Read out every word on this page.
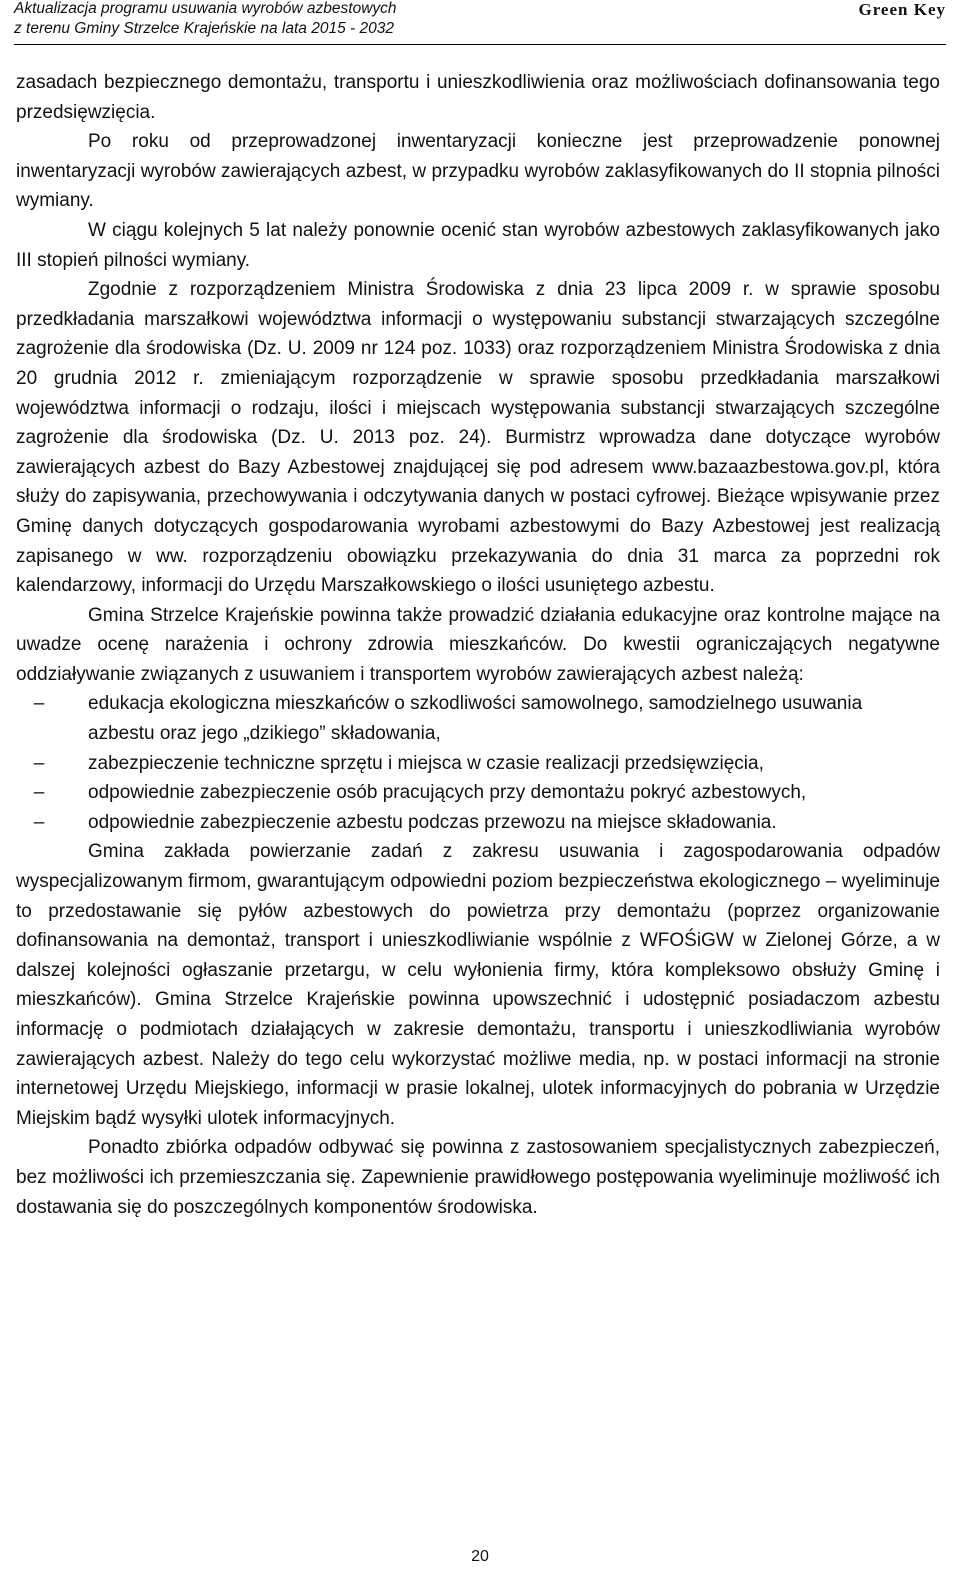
Aktualizacja programu usuwania wyrobów azbestowych
z terenu Gminy Strzelce Krajeńskie na lata 2015 - 2032
Green Key

zasadach bezpiecznego demontażu, transportu i unieszkodliwienia oraz możliwościach dofinansowania tego przedsięwzięcia.

Po roku od przeprowadzonej inwentaryzacji konieczne jest przeprowadzenie ponownej inwentaryzacji wyrobów zawierających azbest, w przypadku wyrobów zaklasyfikowanych do II stopnia pilności wymiany.

W ciągu kolejnych 5 lat należy ponownie ocenić stan wyrobów azbestowych zaklasyfikowanych jako III stopień pilności wymiany.

Zgodnie z rozporządzeniem Ministra Środowiska z dnia 23 lipca 2009 r. w sprawie sposobu przedkładania marszałkowi województwa informacji o występowaniu substancji stwarzających szczególne zagrożenie dla środowiska (Dz. U. 2009 nr 124 poz. 1033) oraz rozporządzeniem Ministra Środowiska z dnia 20 grudnia 2012 r. zmieniającym rozporządzenie w sprawie sposobu przedkładania marszałkowi województwa informacji o rodzaju, ilości i miejscach występowania substancji stwarzających szczególne zagrożenie dla środowiska (Dz. U. 2013 poz. 24). Burmistrz wprowadza dane dotyczące wyrobów zawierających azbest do Bazy Azbestowej znajdującej się pod adresem www.bazaazbestowa.gov.pl, która służy do zapisywania, przechowywania i odczytywania danych w postaci cyfrowej. Bieżące wpisywanie przez Gminę danych dotyczących gospodarowania wyrobami azbestowymi do Bazy Azbestowej jest realizacją zapisanego w ww. rozporządzeniu obowiązku przekazywania do dnia 31 marca za poprzedni rok kalendarzowy, informacji do Urzędu Marszałkowskiego o ilości usuniętego azbestu.

Gmina Strzelce Krajeńskie powinna także prowadzić działania edukacyjne oraz kontrolne mające na uwadze ocenę narażenia i ochrony zdrowia mieszkańców. Do kwestii ograniczających negatywne oddziaływanie związanych z usuwaniem i transportem wyrobów zawierających azbest należą:

–	edukacja ekologiczna mieszkańców o szkodliwości samowolnego, samodzielnego usuwania azbestu oraz jego „dzikiego” składowania,
–	zabezpieczenie techniczne sprzętu i miejsca w czasie realizacji przedsięwzięcia,
–	odpowiednie zabezpieczenie osób pracujących przy demontażu pokryć azbestowych,
–	odpowiednie zabezpieczenie azbestu podczas przewozu na miejsce składowania.

Gmina zakłada powierzanie zadań z zakresu usuwania i zagospodarowania odpadów wyspecjalizowanym firmom, gwarantującym odpowiedni poziom bezpieczeństwa ekologicznego – wyeliminuje to przedostawanie się pyłów azbestowych do powietrza przy demontażu (poprzez organizowanie dofinansowania na demontaż, transport i unieszkodliwianie wspólnie z WFOŚiGW w Zielonej Górze, a w dalszej kolejności ogłaszanie przetargu, w celu wyłonienia firmy, która kompleksowo obsłuży Gminę i mieszkańców). Gmina Strzelce Krajeńskie powinna upowszechnić i udostępnić posiadaczom azbestu informację o podmiotach działających w zakresie demontażu, transportu i unieszkodliwiania wyrobów zawierających azbest. Należy do tego celu wykorzystać możliwe media, np. w postaci informacji na stronie internetowej Urzędu Miejskiego, informacji w prasie lokalnej, ulotek informacyjnych do pobrania w Urzędzie Miejskim bądź wysyłki ulotek informacyjnych.

Ponadto zbiórka odpadów odbywać się powinna z zastosowaniem specjalistycznych zabezpieczeń, bez możliwości ich przemieszczania się. Zapewnienie prawidłowego postępowania wyeliminuje możliwość ich dostawania się do poszczególnych komponentów środowiska.

20
